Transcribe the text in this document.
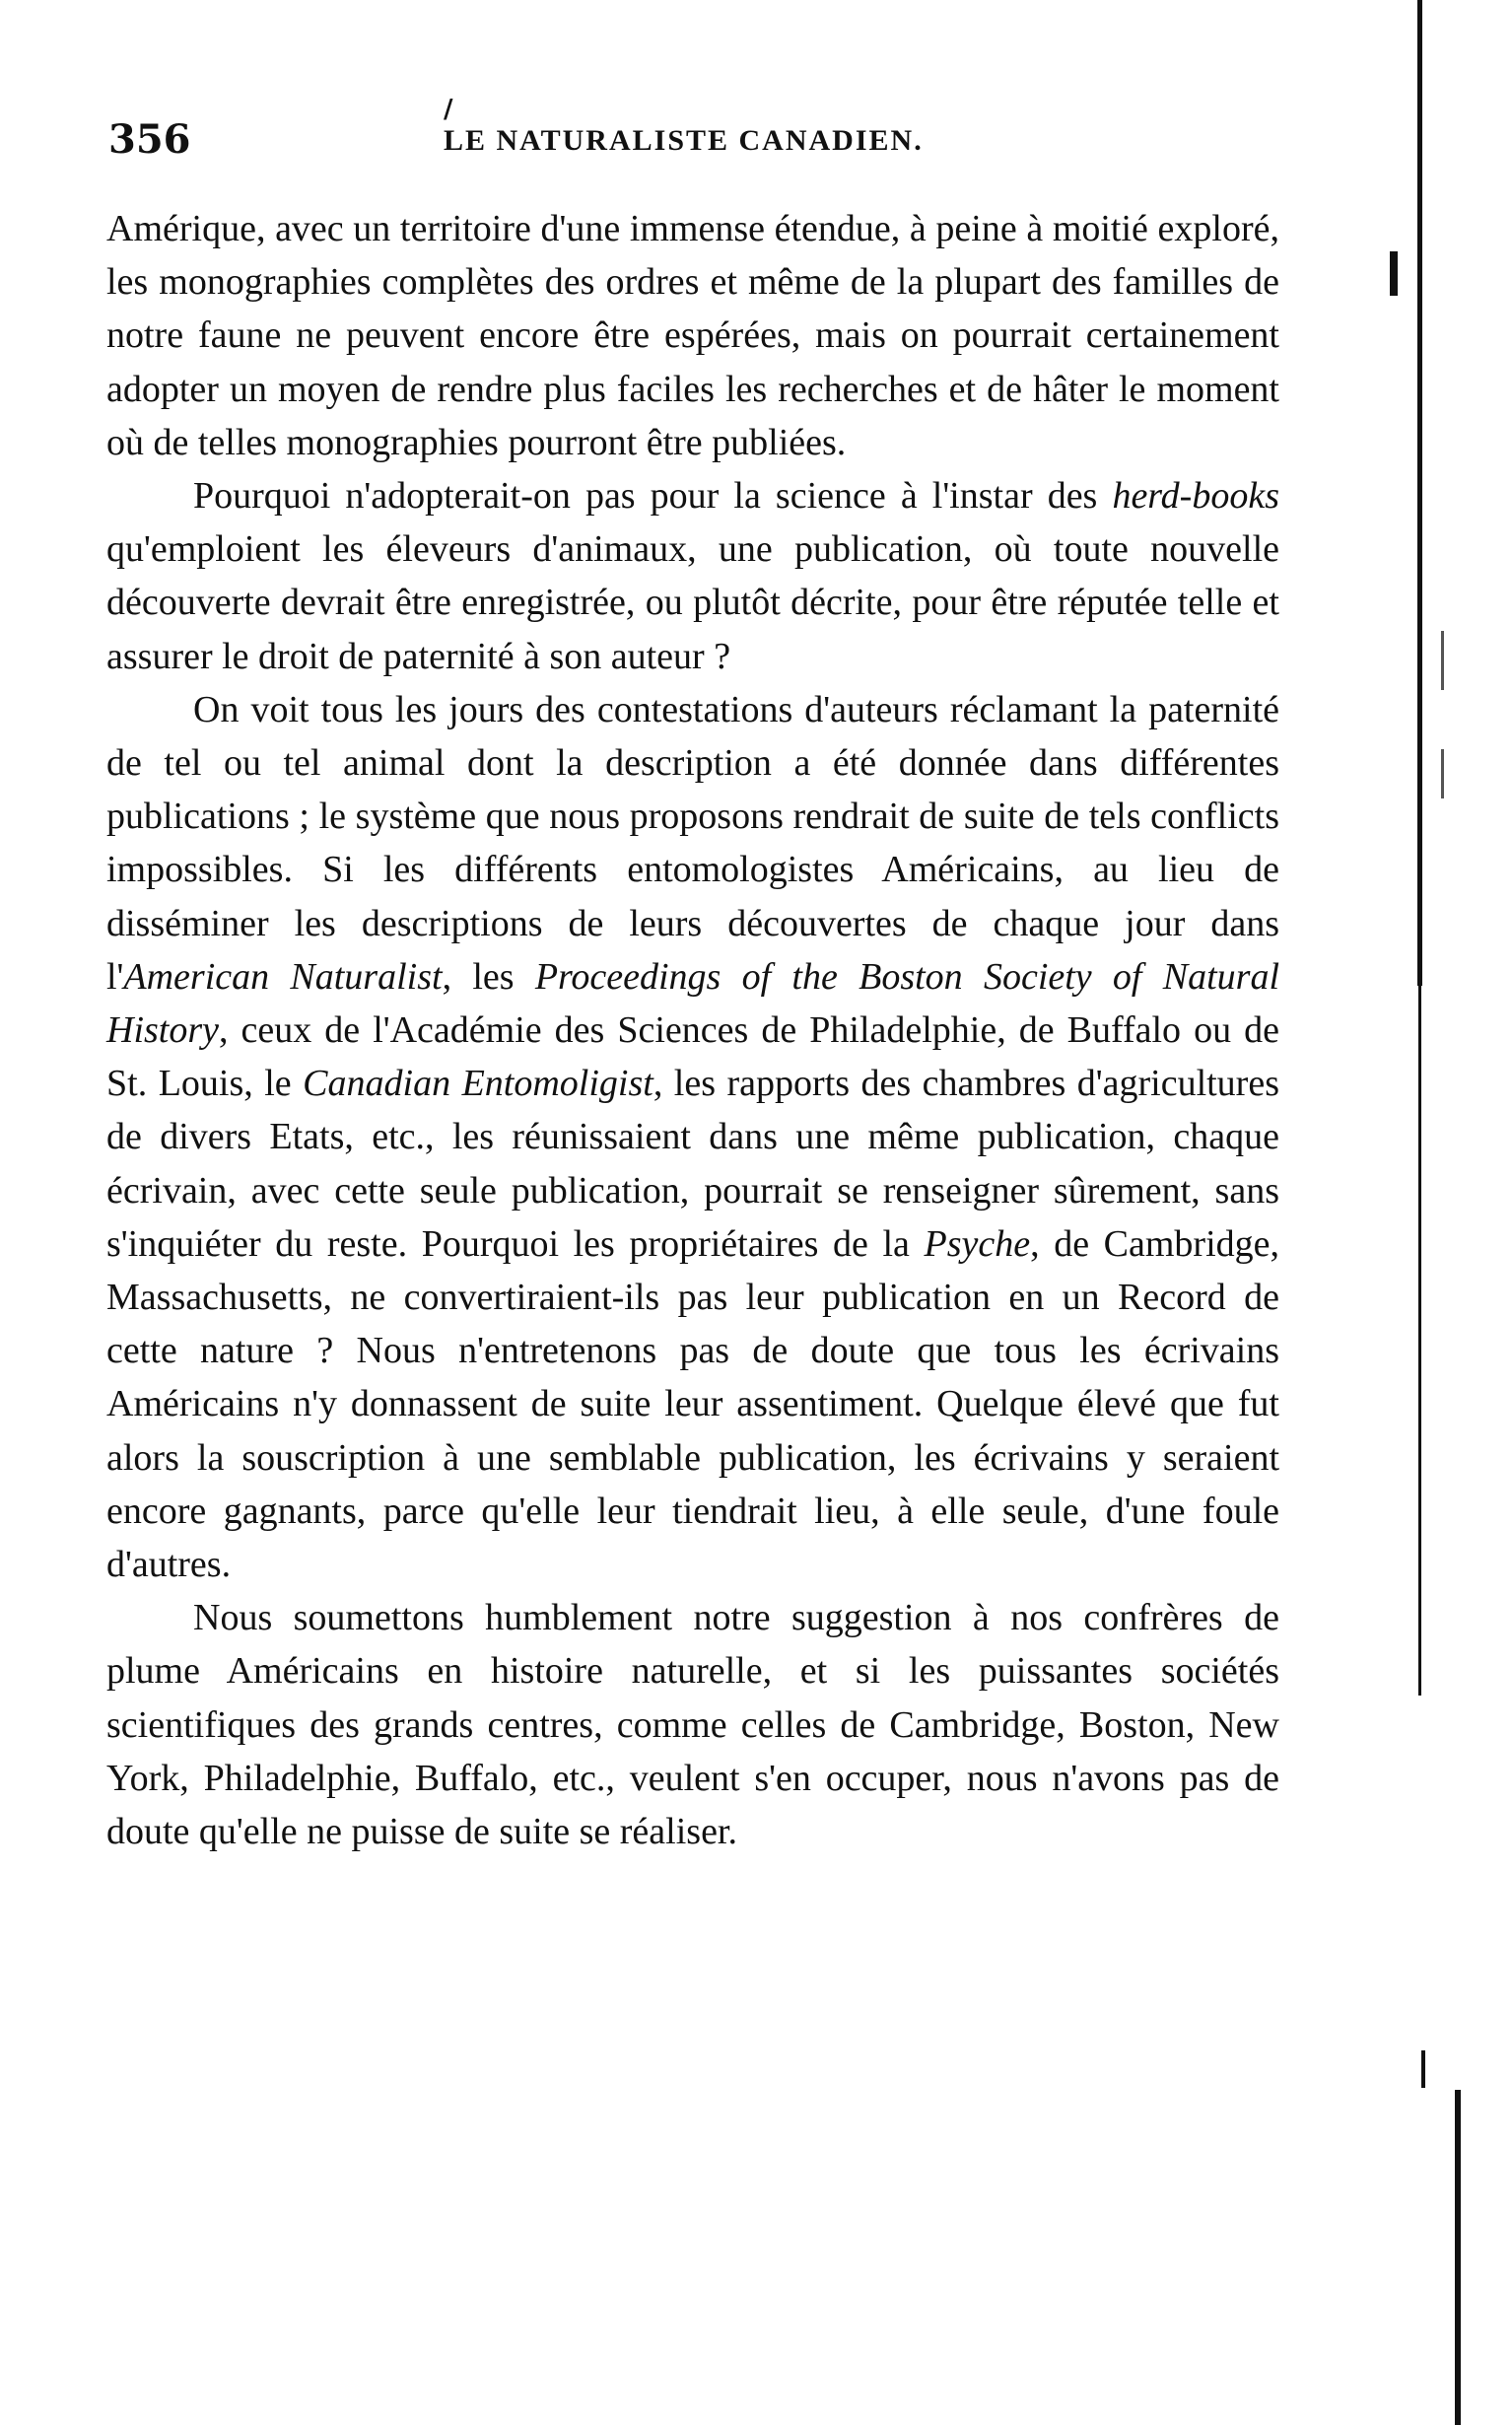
356
/
LE NATURALISTE CANADIEN.

Amérique, avec un territoire d'une immense étendue, à peine à moitié exploré, les monographies complètes des ordres et même de la plupart des familles de notre faune ne peuvent encore être espérées, mais on pourrait certainement adopter un moyen de rendre plus faciles les recherches et de hâter le moment où de telles monographies pourront être publiées.

Pourquoi n'adopterait-on pas pour la science à l'instar des herd-books qu'emploient les éleveurs d'animaux, une publication, où toute nouvelle découverte devrait être enregistrée, ou plutôt décrite, pour être réputée telle et assurer le droit de paternité à son auteur ?

On voit tous les jours des contestations d'auteurs réclamant la paternité de tel ou tel animal dont la description a été donnée dans différentes publications ; le système que nous proposons rendrait de suite de tels conflicts impossibles. Si les différents entomologistes Américains, au lieu de disséminer les descriptions de leurs découvertes de chaque jour dans l'American Naturalist, les Proceedings of the Boston Society of Natural History, ceux de l'Académie des Sciences de Philadelphie, de Buffalo ou de St. Louis, le Canadian Entomoligist, les rapports des chambres d'agricultures de divers Etats, etc., les réunissaient dans une même publication, chaque écrivain, avec cette seule publication, pourrait se renseigner sûrement, sans s'inquiéter du reste. Pourquoi les propriétaires de la Psyche, de Cambridge, Massachusetts, ne convertiraient-ils pas leur publication en un Record de cette nature ? Nous n'entretenons pas de doute que tous les écrivains Américains n'y donnassent de suite leur assentiment. Quelque élevé que fut alors la souscription à une semblable publication, les écrivains y seraient encore gagnants, parce qu'elle leur tiendrait lieu, à elle seule, d'une foule d'autres.

Nous soumettons humblement notre suggestion à nos confrères de plume Américains en histoire naturelle, et si les puissantes sociétés scientifiques des grands centres, comme celles de Cambridge, Boston, New York, Philadelphie, Buffalo, etc., veulent s'en occuper, nous n'avons pas de doute qu'elle ne puisse de suite se réaliser.
